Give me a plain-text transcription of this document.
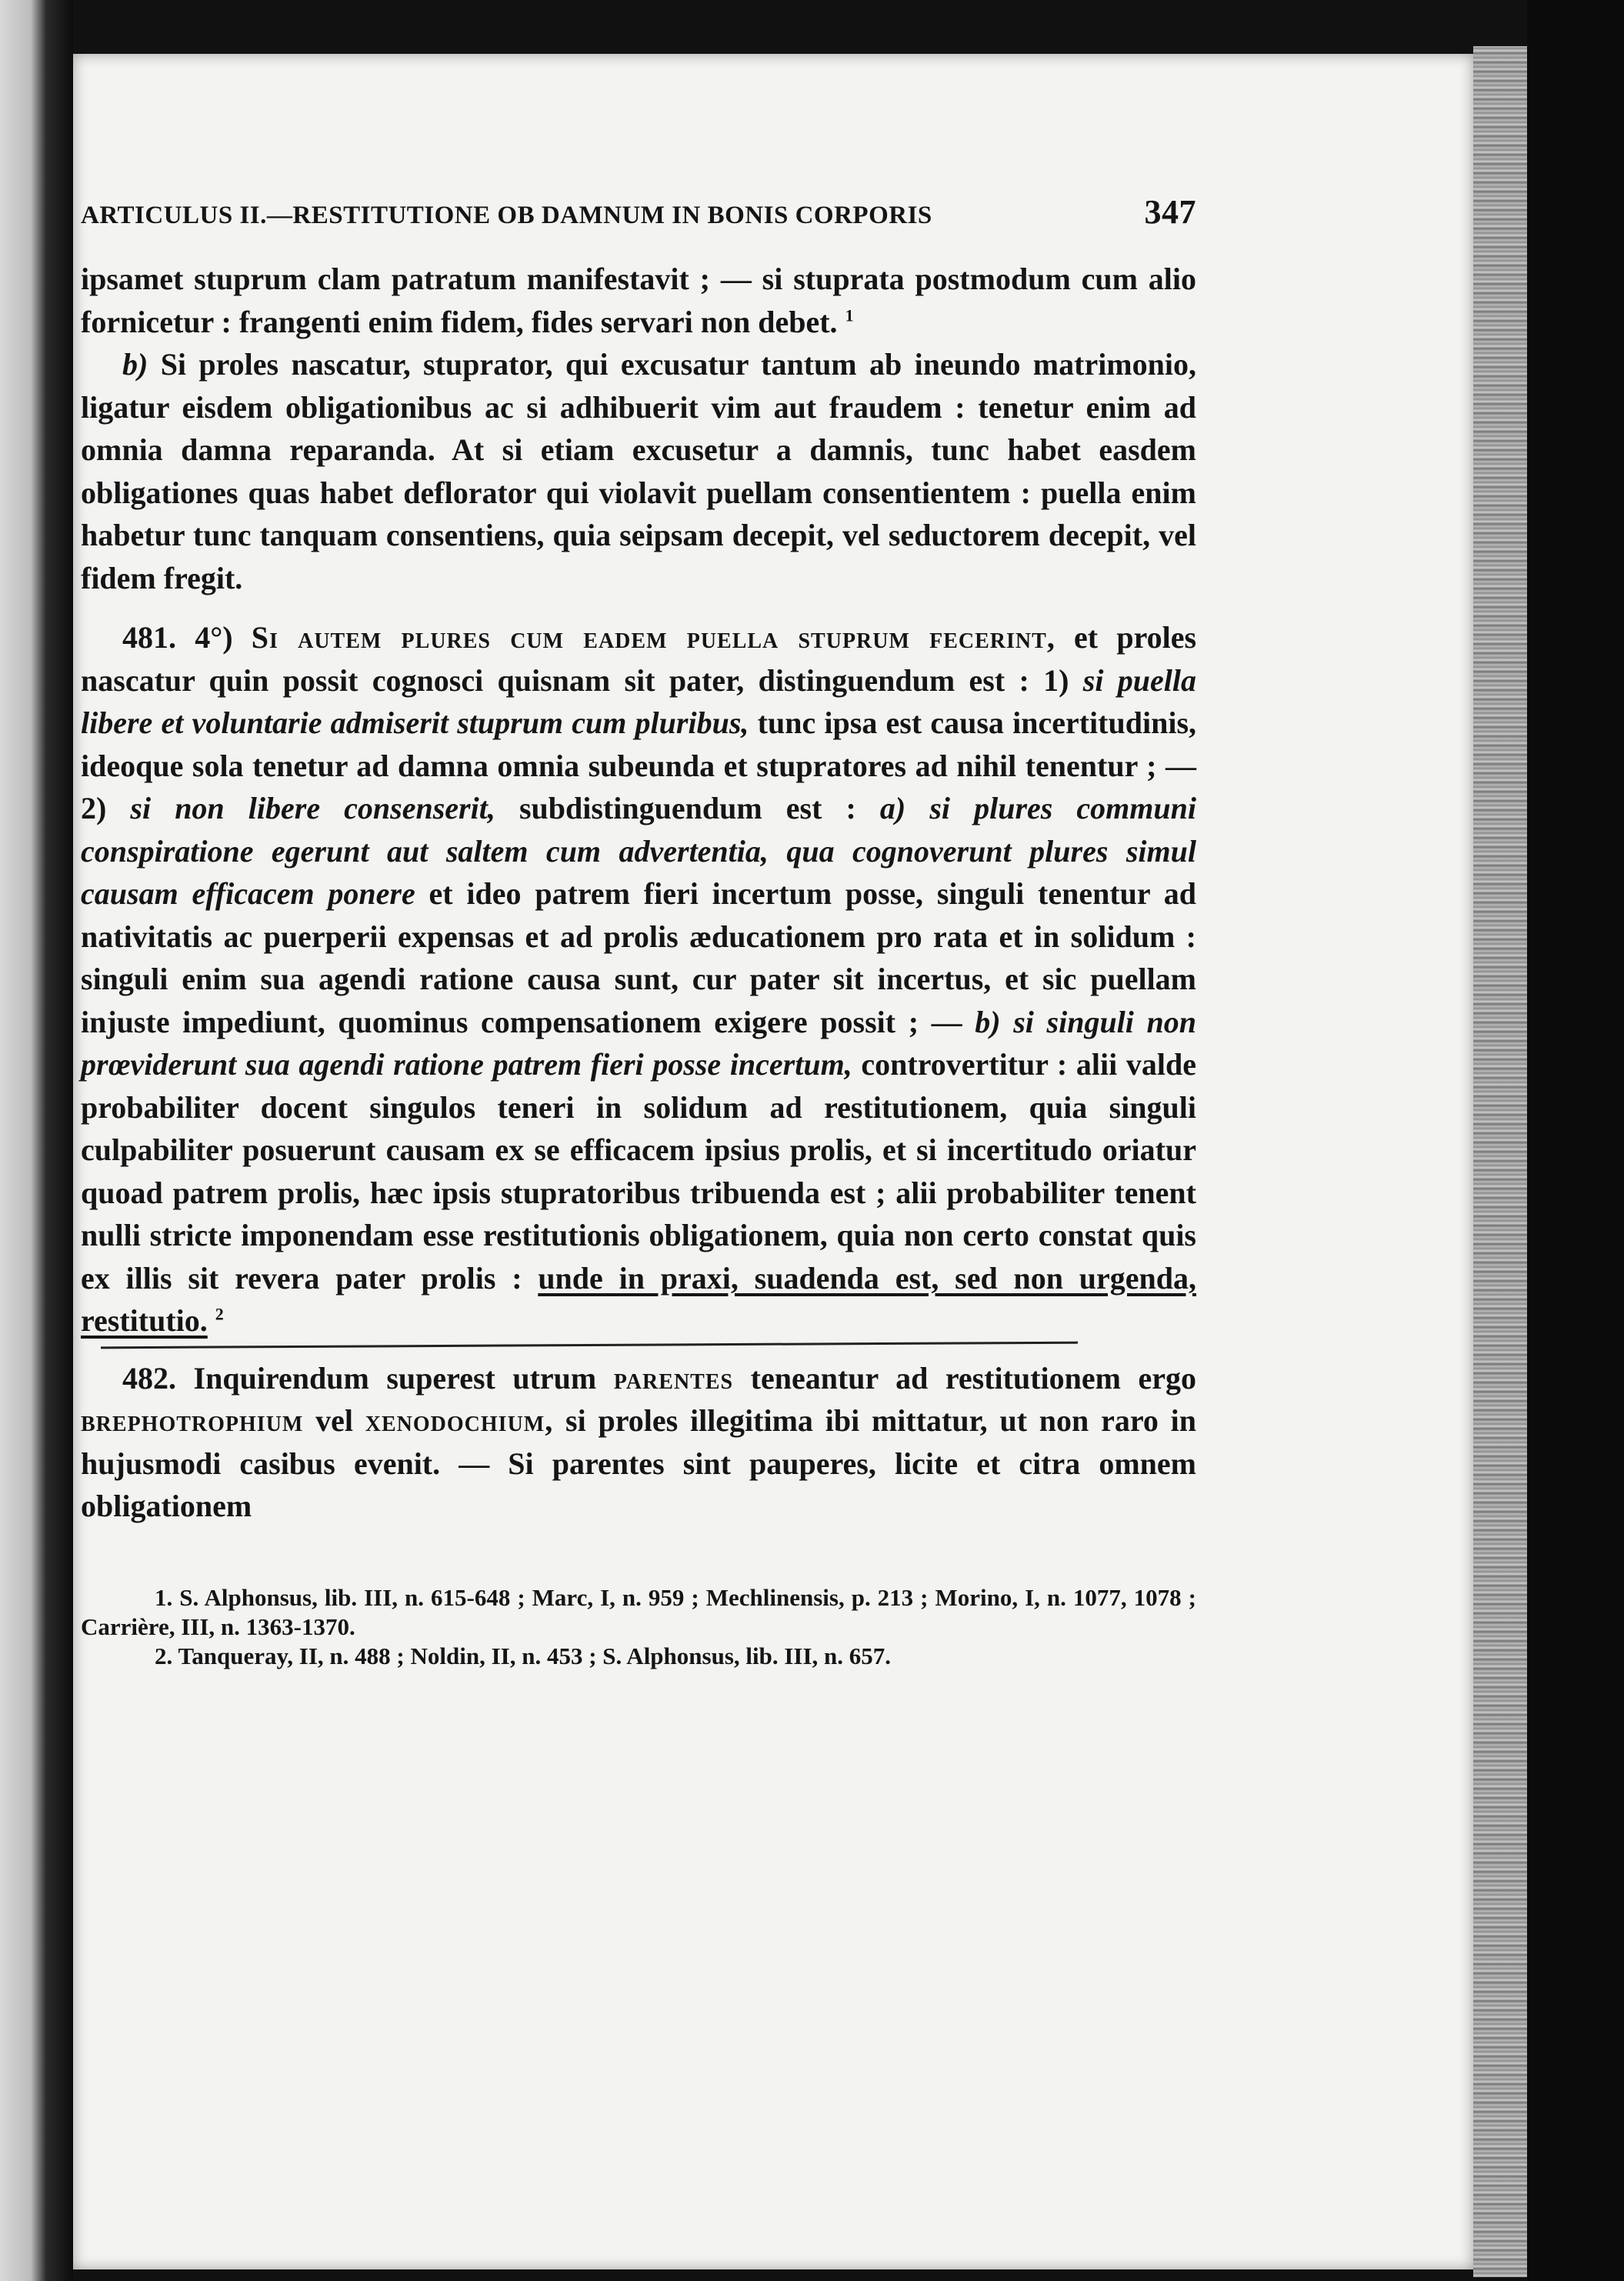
ARTICULUS II.—RESTITUTIONE OB DAMNUM IN BONIS CORPORIS	347

ipsamet stuprum clam patratum manifestavit ; — si stuprata postmodum cum alio fornicetur : frangenti enim fidem, fides servari non debet. $^1$

b) Si proles nascatur, stuprator, qui excusatur tantum ab ineundo matrimonio, ligatur eisdem obligationibus ac si adhibuerit vim aut fraudem : tenetur enim ad omnia damna reparanda. At si etiam excusetur a damnis, tunc habet easdem obligationes quas habet deflorator qui violavit puellam consentientem : puella enim habetur tunc tanquam consentiens, quia seipsam decepit, vel seductorem decepit, vel fidem fregit.

481. 4°) Si autem plures cum eadem puella stuprum fecerint, et proles nascatur quin possit cognosci quisnam sit pater, distinguendum est : 1) si puella libere et voluntarie admiserit stuprum cum pluribus, tunc ipsa est causa incertitudinis, ideoque sola tenetur ad damna omnia subeunda et stupratores ad nihil tenentur ; — 2) si non libere consenserit, subdistinguendum est : a) si plures communi conspiratione egerunt aut saltem cum advertentia, qua cognoverunt plures simul causam efficacem ponere et ideo patrem fieri incertum posse, singuli tenentur ad nativitatis ac puerperii expensas et ad prolis æducationem pro rata et in solidum : singuli enim sua agendi ratione causa sunt, cur pater sit incertus, et sic puellam injuste impediunt, quominus compensationem exigere possit ; — b) si singuli non prœviderunt sua agendi ratione patrem fieri posse incertum, controvertitur : alii valde probabiliter docent singulos teneri in solidum ad restitutionem, quia singuli culpabiliter posuerunt causam ex se efficacem ipsius prolis, et si incertitudo oriatur quoad patrem prolis, hæc ipsis stupratoribus tribuenda est ; alii probabiliter tenent nulli stricte imponendam esse restitutionis obligationem, quia non certo constat quis ex illis sit revera pater prolis : unde in praxi, suadenda est, sed non urgenda, restitutio. $^2$

482. Inquirendum superest utrum parentes teneantur ad restitutionem ergo brephotrophium vel xenodochium, si proles illegitima ibi mittatur, ut non raro in hujusmodi casibus evenit. — Si parentes sint pauperes, licite et citra omnem obligationem

1. S. Alphonsus, lib. III, n. 615-648 ; Marc, I, n. 959 ; Mechlinensis, p. 213 ; Morino, I, n. 1077, 1078 ; Carrière, III, n. 1363-1370.

2. Tanqueray, II, n. 488 ; Noldin, II, n. 453 ; S. Alphonsus, lib. III, n. 657.
